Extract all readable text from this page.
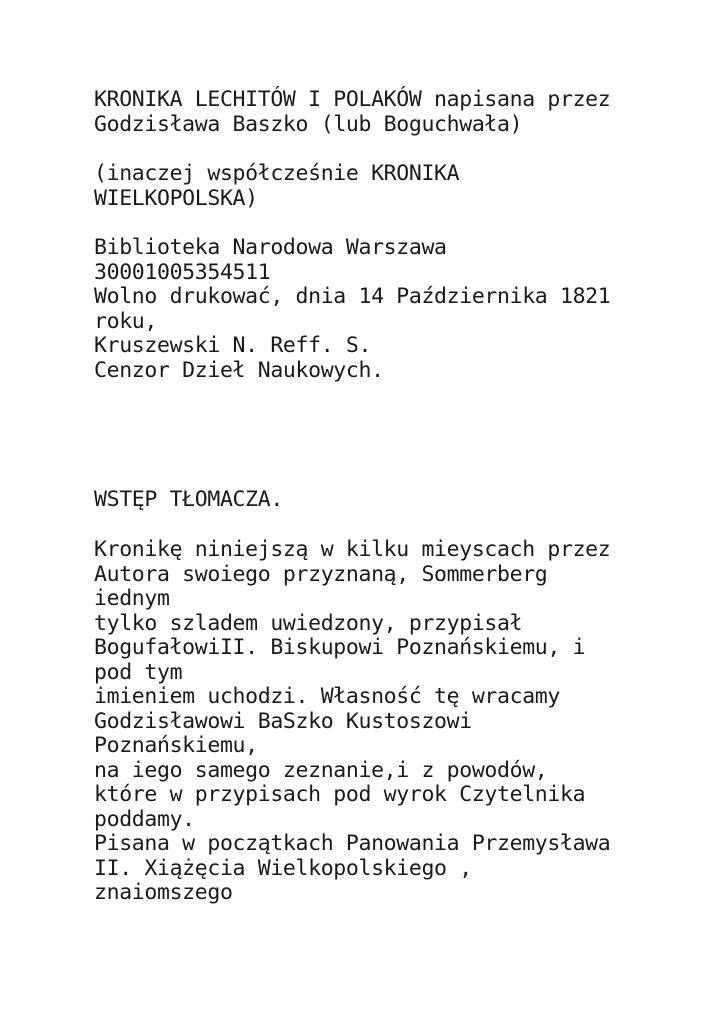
KRONIKA LECHITÓW I POLAKÓW napisana przez
Godzisława Baszko (lub Boguchwała)
(inaczej współcześnie KRONIKA
WIELKOPOLSKA)
Biblioteka Narodowa Warszawa
30001005354511
Wolno drukować, dnia 14 Października 1821
roku,
Kruszewski N. Reff. S.
Cenzor Dzieł Naukowych.
WSTĘP TŁOMACZA.
Kronikę niniejszą w kilku mieyscach przez
Autora swoiego przyznaną, Sommerberg
iednym
tylko szladem uwiedzony, przypisał
BogufałowiII. Biskupowi Poznańskiemu, i
pod tym
imieniem uchodzi. Własność tę wracamy
Godzisławowi BaSzko Kustoszowi
Poznańskiemu,
na iego samego zeznanie,i z powodów,
które w przypisach pod wyrok Czytelnika
poddamy.
Pisana w początkach Panowania Przemysława
II. Xiążęcia Wielkopolskiego ,
znaiomszego
